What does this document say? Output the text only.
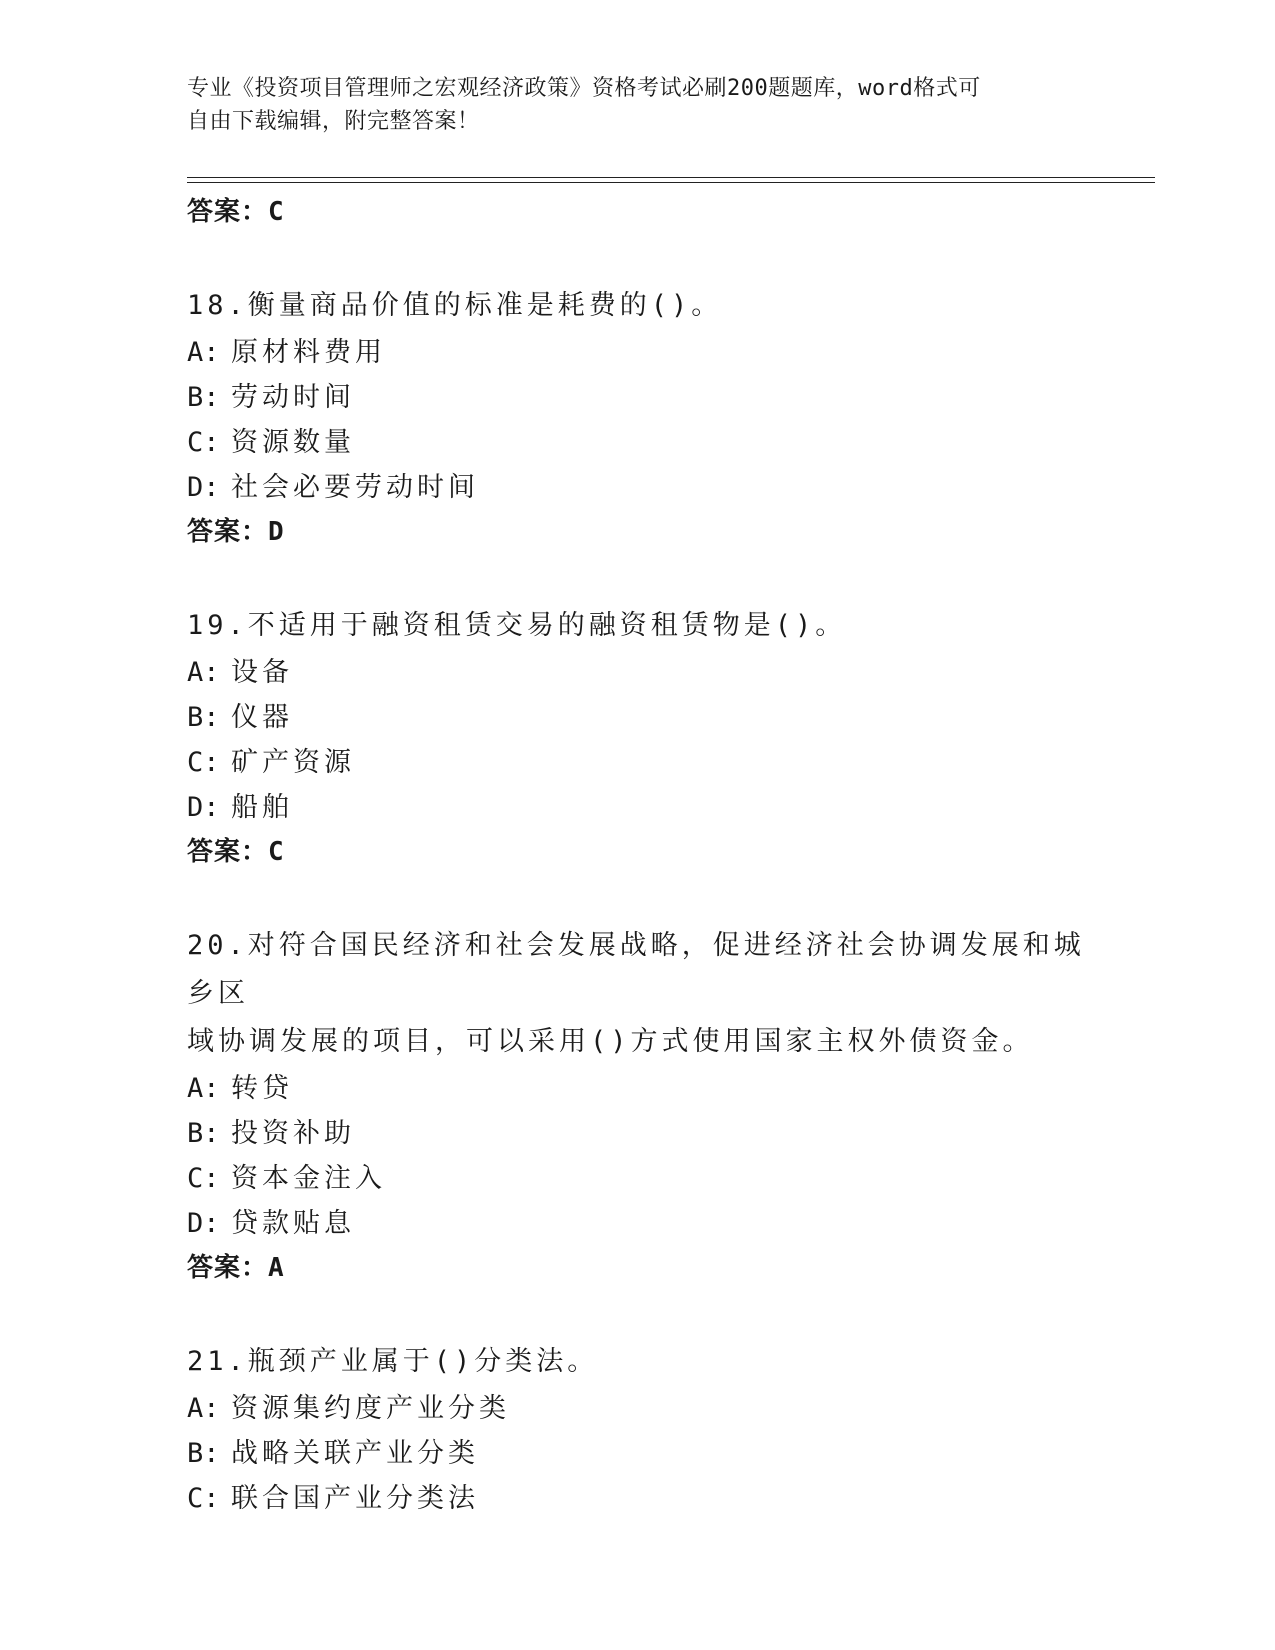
专业《投资项目管理师之宏观经济政策》资格考试必刷200题题库，word格式可
自由下载编辑，附完整答案！
答案：C
18.衡量商品价值的标准是耗费的()。
A: 原材料费用
B: 劳动时间
C: 资源数量
D: 社会必要劳动时间
答案：D
19.不适用于融资租赁交易的融资租赁物是()。
A: 设备
B: 仪器
C: 矿产资源
D: 船舶
答案：C
20.对符合国民经济和社会发展战略，促进经济社会协调发展和城乡区
域协调发展的项目，可以采用()方式使用国家主权外债资金。
A: 转贷
B: 投资补助
C: 资本金注入
D: 贷款贴息
答案：A
21.瓶颈产业属于()分类法。
A: 资源集约度产业分类
B: 战略关联产业分类
C: 联合国产业分类法
